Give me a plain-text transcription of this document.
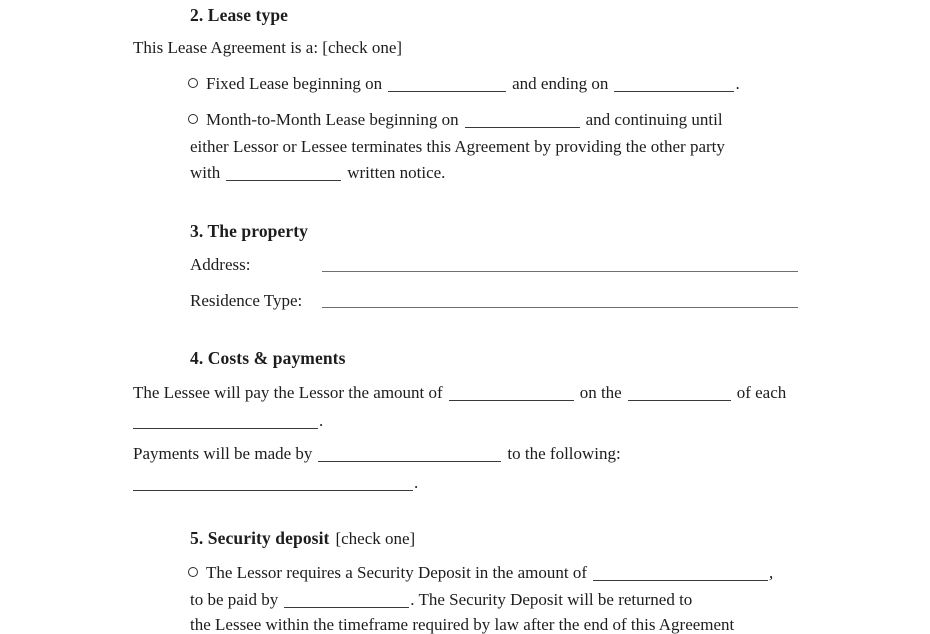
2. Lease type
This Lease Agreement is a: [check one]
Fixed Lease beginning on	and ending on	.
Month-to-Month Lease beginning on	and continuing until
either Lessor or Lessee terminates this Agreement by providing the other party
with	written notice.
3. The property
Address:
Residence Type:
4. Costs & payments
The Lessee will pay the Lessor the amount of	on the	of each
.
Payments will be made by	to the following:
.
5. Security deposit [check one]
The Lessor requires a Security Deposit in the amount of	,
to be paid by	. The Security Deposit will be returned to
the Lessee within the timeframe required by law after the end of this Agreement
